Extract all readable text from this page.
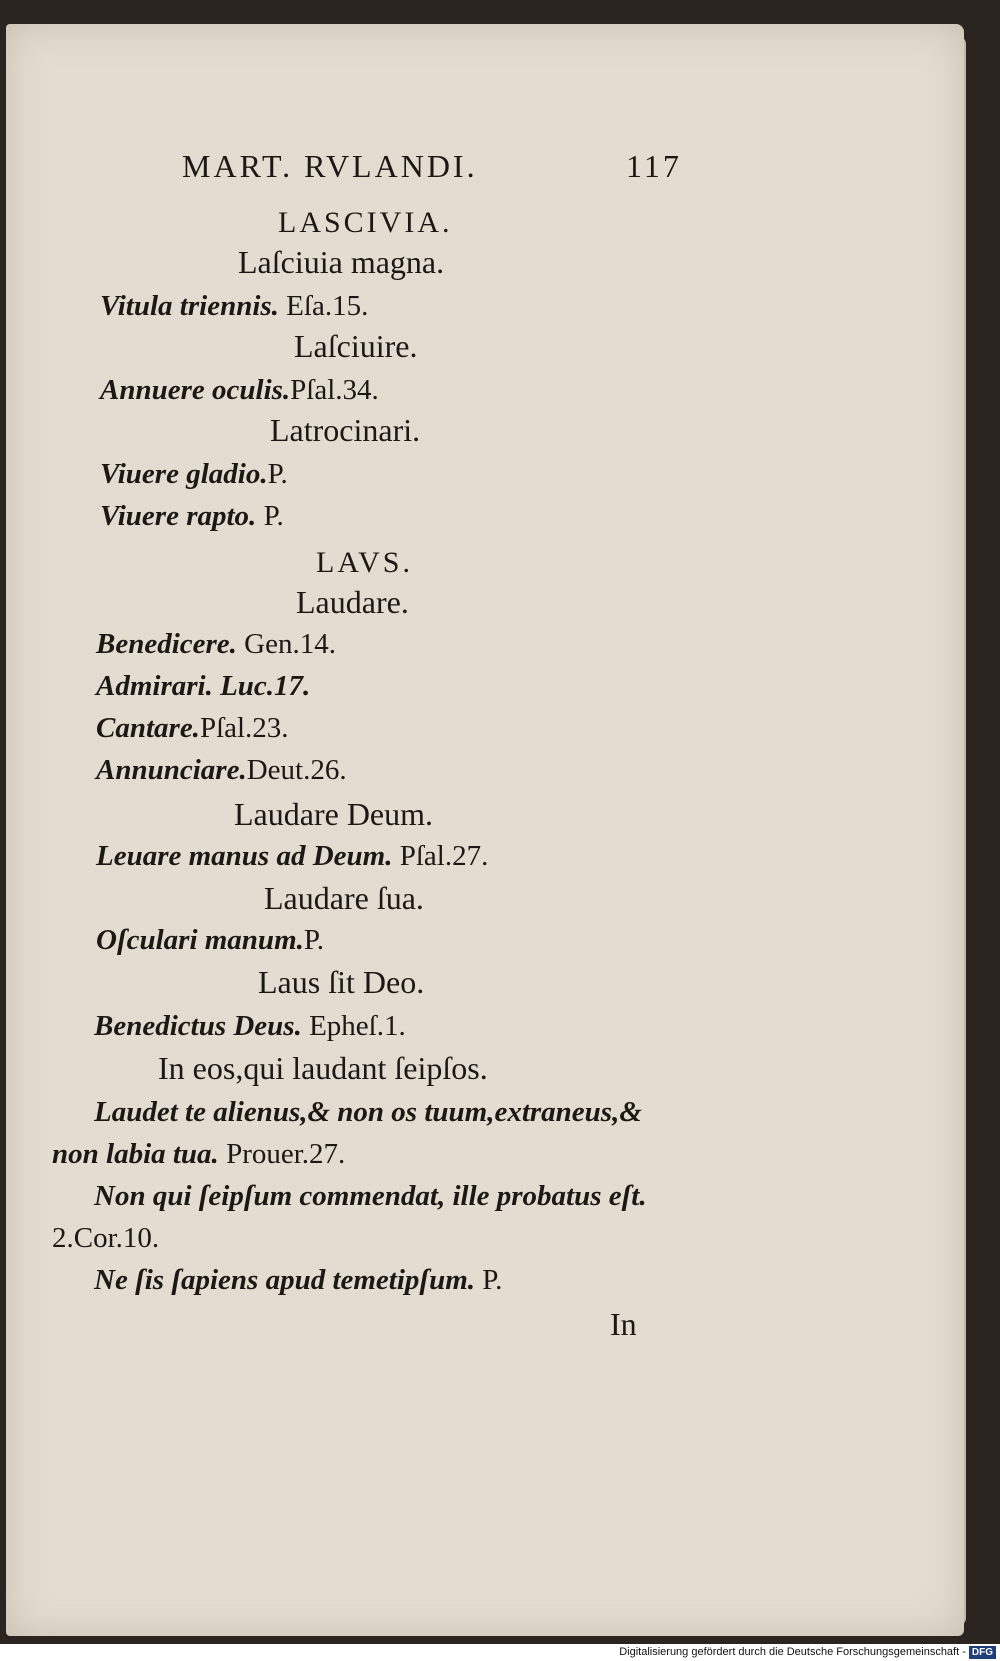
MART. RVLANDI.	117
LASCIVIA.
Laſciuia magna.
Vitula triennis. Eſa.15.
Laſciuire.
Annuere oculis.Pſal.34.
Latrocinari.
Viuere gladio.P.
Viuere rapto. P.
LAVS.
Laudare.
Benedicere. Gen.14.
Admirari. Luc.17.
Cantare.Pſal.23.
Annunciare.Deut.26.
Laudare Deum.
Leuare manus ad Deum. Pſal.27.
Laudare ſua.
Oſculari manum.P.
Laus ſit Deo.
Benedictus Deus. Epheſ.1.
In eos,qui laudant ſeipſos.
Laudet te alienus,& non os tuum,extraneus,&
non labia tua. Prouer.27.
Non qui ſeipſum commendat, ille probatus eſt.
2.Cor.10.
Ne ſis ſapiens apud temetipſum. P.
In
Digitalisierung gefördert durch die Deutsche Forschungsgemeinschaft - DFG
